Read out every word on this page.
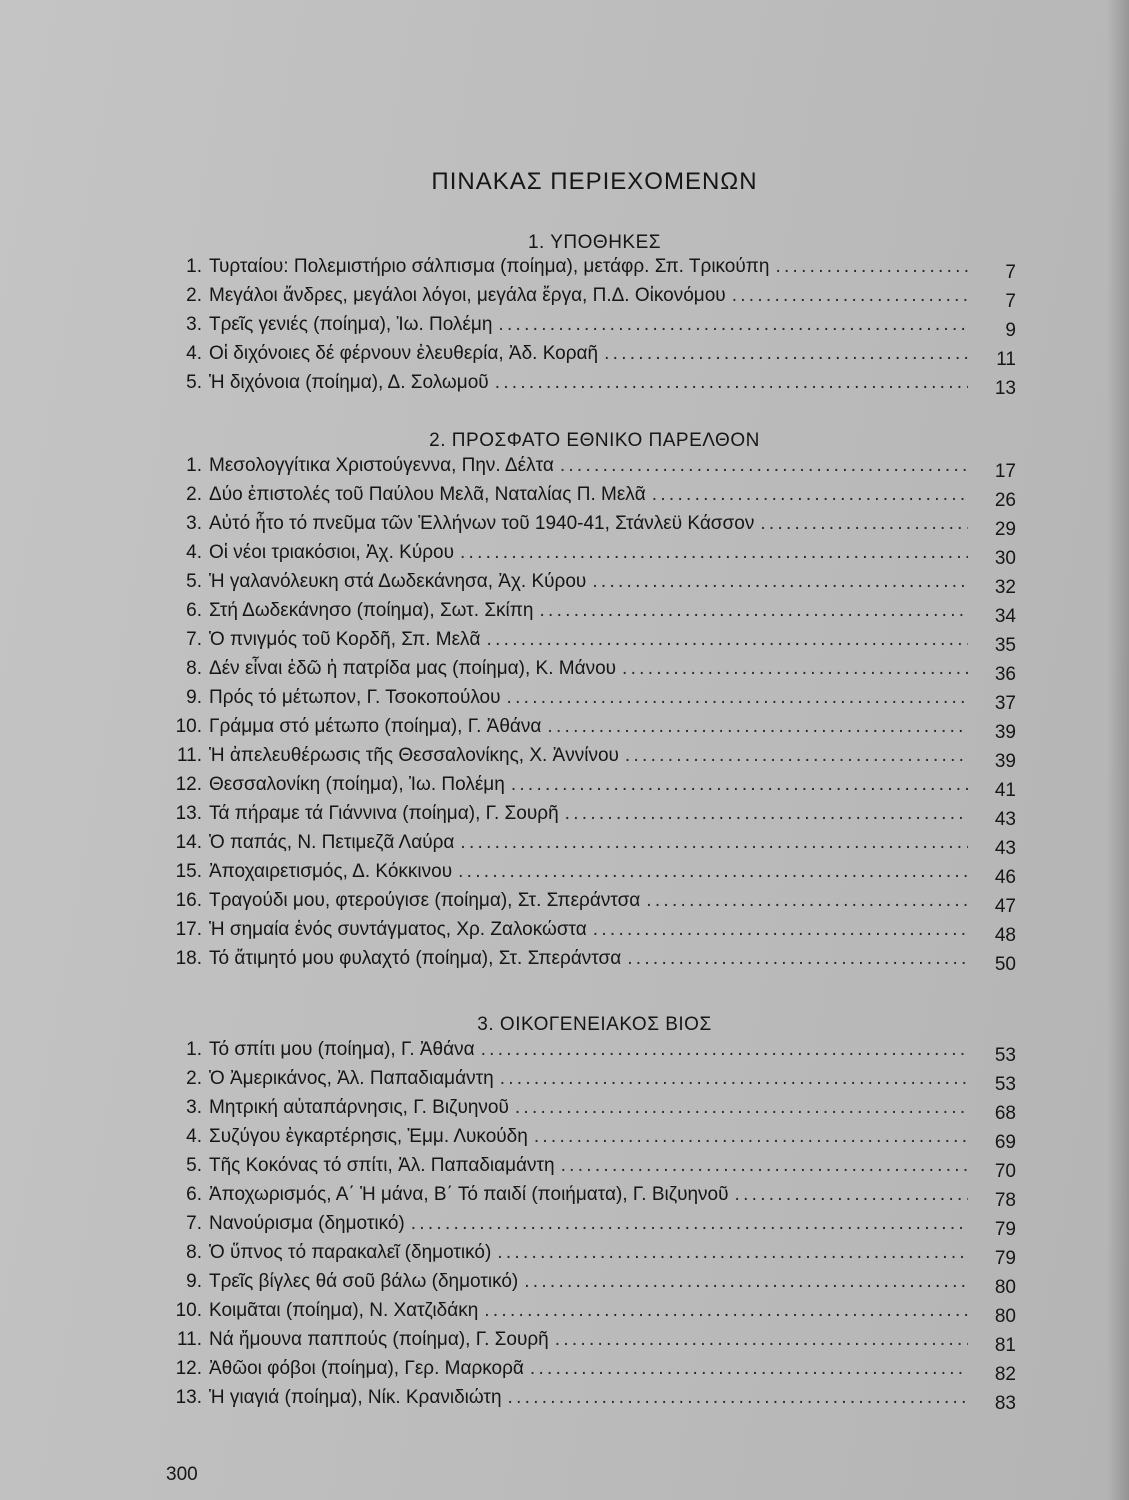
ΠΙΝΑΚΑΣ ΠΕΡΙΕΧΟΜΕΝΩΝ
1. ΥΠΟΘΗΚΕΣ
1. Τυρταίου: Πολεμιστήριο σάλπισμα (ποίημα), μετάφρ. Σπ. Τρικούπη . . .	7
2. Μεγάλοι ἄνδρες, μεγάλοι λόγοι, μεγάλα ἔργα, Π.Δ. Οἰκονόμου . . .	7
3. Τρεῖς γενιές (ποίημα), Ἰω. Πολέμη . . .	9
4. Οἱ διχόνοιες δέ φέρνουν ἐλευθερία, Ἀδ. Κοραῆ . . .	11
5. Ἡ διχόνοια (ποίημα), Δ. Σολωμοῦ . . .	13
2. ΠΡΟΣΦΑΤΟ ΕΘΝΙΚΟ ΠΑΡΕΛΘΟΝ
1. Μεσολογγίτικα Χριστούγεννα, Πην. Δέλτα . . .	17
2. Δύο ἐπιστολές τοῦ Παύλου Μελᾶ, Ναταλίας Π. Μελᾶ . . .	26
3. Αὐτό ἦτο τό πνεῦμα τῶν Ἑλλήνων τοῦ 1940-41, Στάνλεϋ Κάσσον . . .	29
4. Οἱ νέοι τριακόσιοι, Ἀχ. Κύρου . . .	30
5. Ἡ γαλανόλευκη στά Δωδεκάνησα, Ἀχ. Κύρου . . .	32
6. Στή Δωδεκάνησο (ποίημα), Σωτ. Σκίπη . . .	34
7. Ὁ πνιγμός τοῦ Κορδῆ, Σπ. Μελᾶ . . .	35
8. Δέν εἶναι ἐδῶ ἡ πατρίδα μας (ποίημα), Κ. Μάνου . . .	36
9. Πρός τό μέτωπον, Γ. Τσοκοπούλου . . .	37
10. Γράμμα στό μέτωπο (ποίημα), Γ. Ἀθάνα . . .	39
11. Ἡ ἀπελευθέρωσις τῆς Θεσσαλονίκης, Χ. Ἀννίνου . . .	39
12. Θεσσαλονίκη (ποίημα), Ἰω. Πολέμη . . .	41
13. Τά πήραμε τά Γιάννινα (ποίημα), Γ. Σουρῆ . . .	43
14. Ὁ παπάς, Ν. Πετιμεζᾶ Λαύρα . . .	43
15. Ἀποχαιρετισμός, Δ. Κόκκινου . . .	46
16. Τραγούδι μου, φτερούγισε (ποίημα), Στ. Σπεράντσα . . .	47
17. Ἡ σημαία ἑνός συντάγματος, Χρ. Ζαλοκώστα . . .	48
18. Τό ἄτιμητό μου φυλαχτό (ποίημα), Στ. Σπεράντσα . . .	50
3. ΟΙΚΟΓΕΝΕΙΑΚΟΣ ΒΙΟΣ
1. Τό σπίτι μου (ποίημα), Γ. Ἀθάνα . . .	53
2. Ὁ Ἀμερικάνος, Ἀλ. Παπαδιαμάντη . . .	53
3. Μητρική αὐταπάρνησις, Γ. Βιζυηνοῦ . . .	68
4. Συζύγου ἐγκαρτέρησις, Ἐμμ. Λυκούδη . . .	69
5. Τῆς Κοκόνας τό σπίτι, Ἀλ. Παπαδιαμάντη . . .	70
6. Ἀποχωρισμός, Α΄ Ἡ μάνα, Β΄ Τό παιδί (ποιήματα), Γ. Βιζυηνοῦ . . .	78
7. Νανούρισμα (δημοτικό) . . .	79
8. Ὁ ὕπνος τό παρακαλεῖ (δημοτικό) . . .	79
9. Τρεῖς βίγλες θά σοῦ βάλω (δημοτικό) . . .	80
10. Κοιμᾶται (ποίημα), Ν. Χατζιδάκη . . .	80
11. Νά ἤμουνα παππούς (ποίημα), Γ. Σουρῆ . . .	81
12. Ἀθῶοι φόβοι (ποίημα), Γερ. Μαρκορᾶ . . .	82
13. Ἡ γιαγιά (ποίημα), Νίκ. Κρανιδιώτη . . .	83
300
